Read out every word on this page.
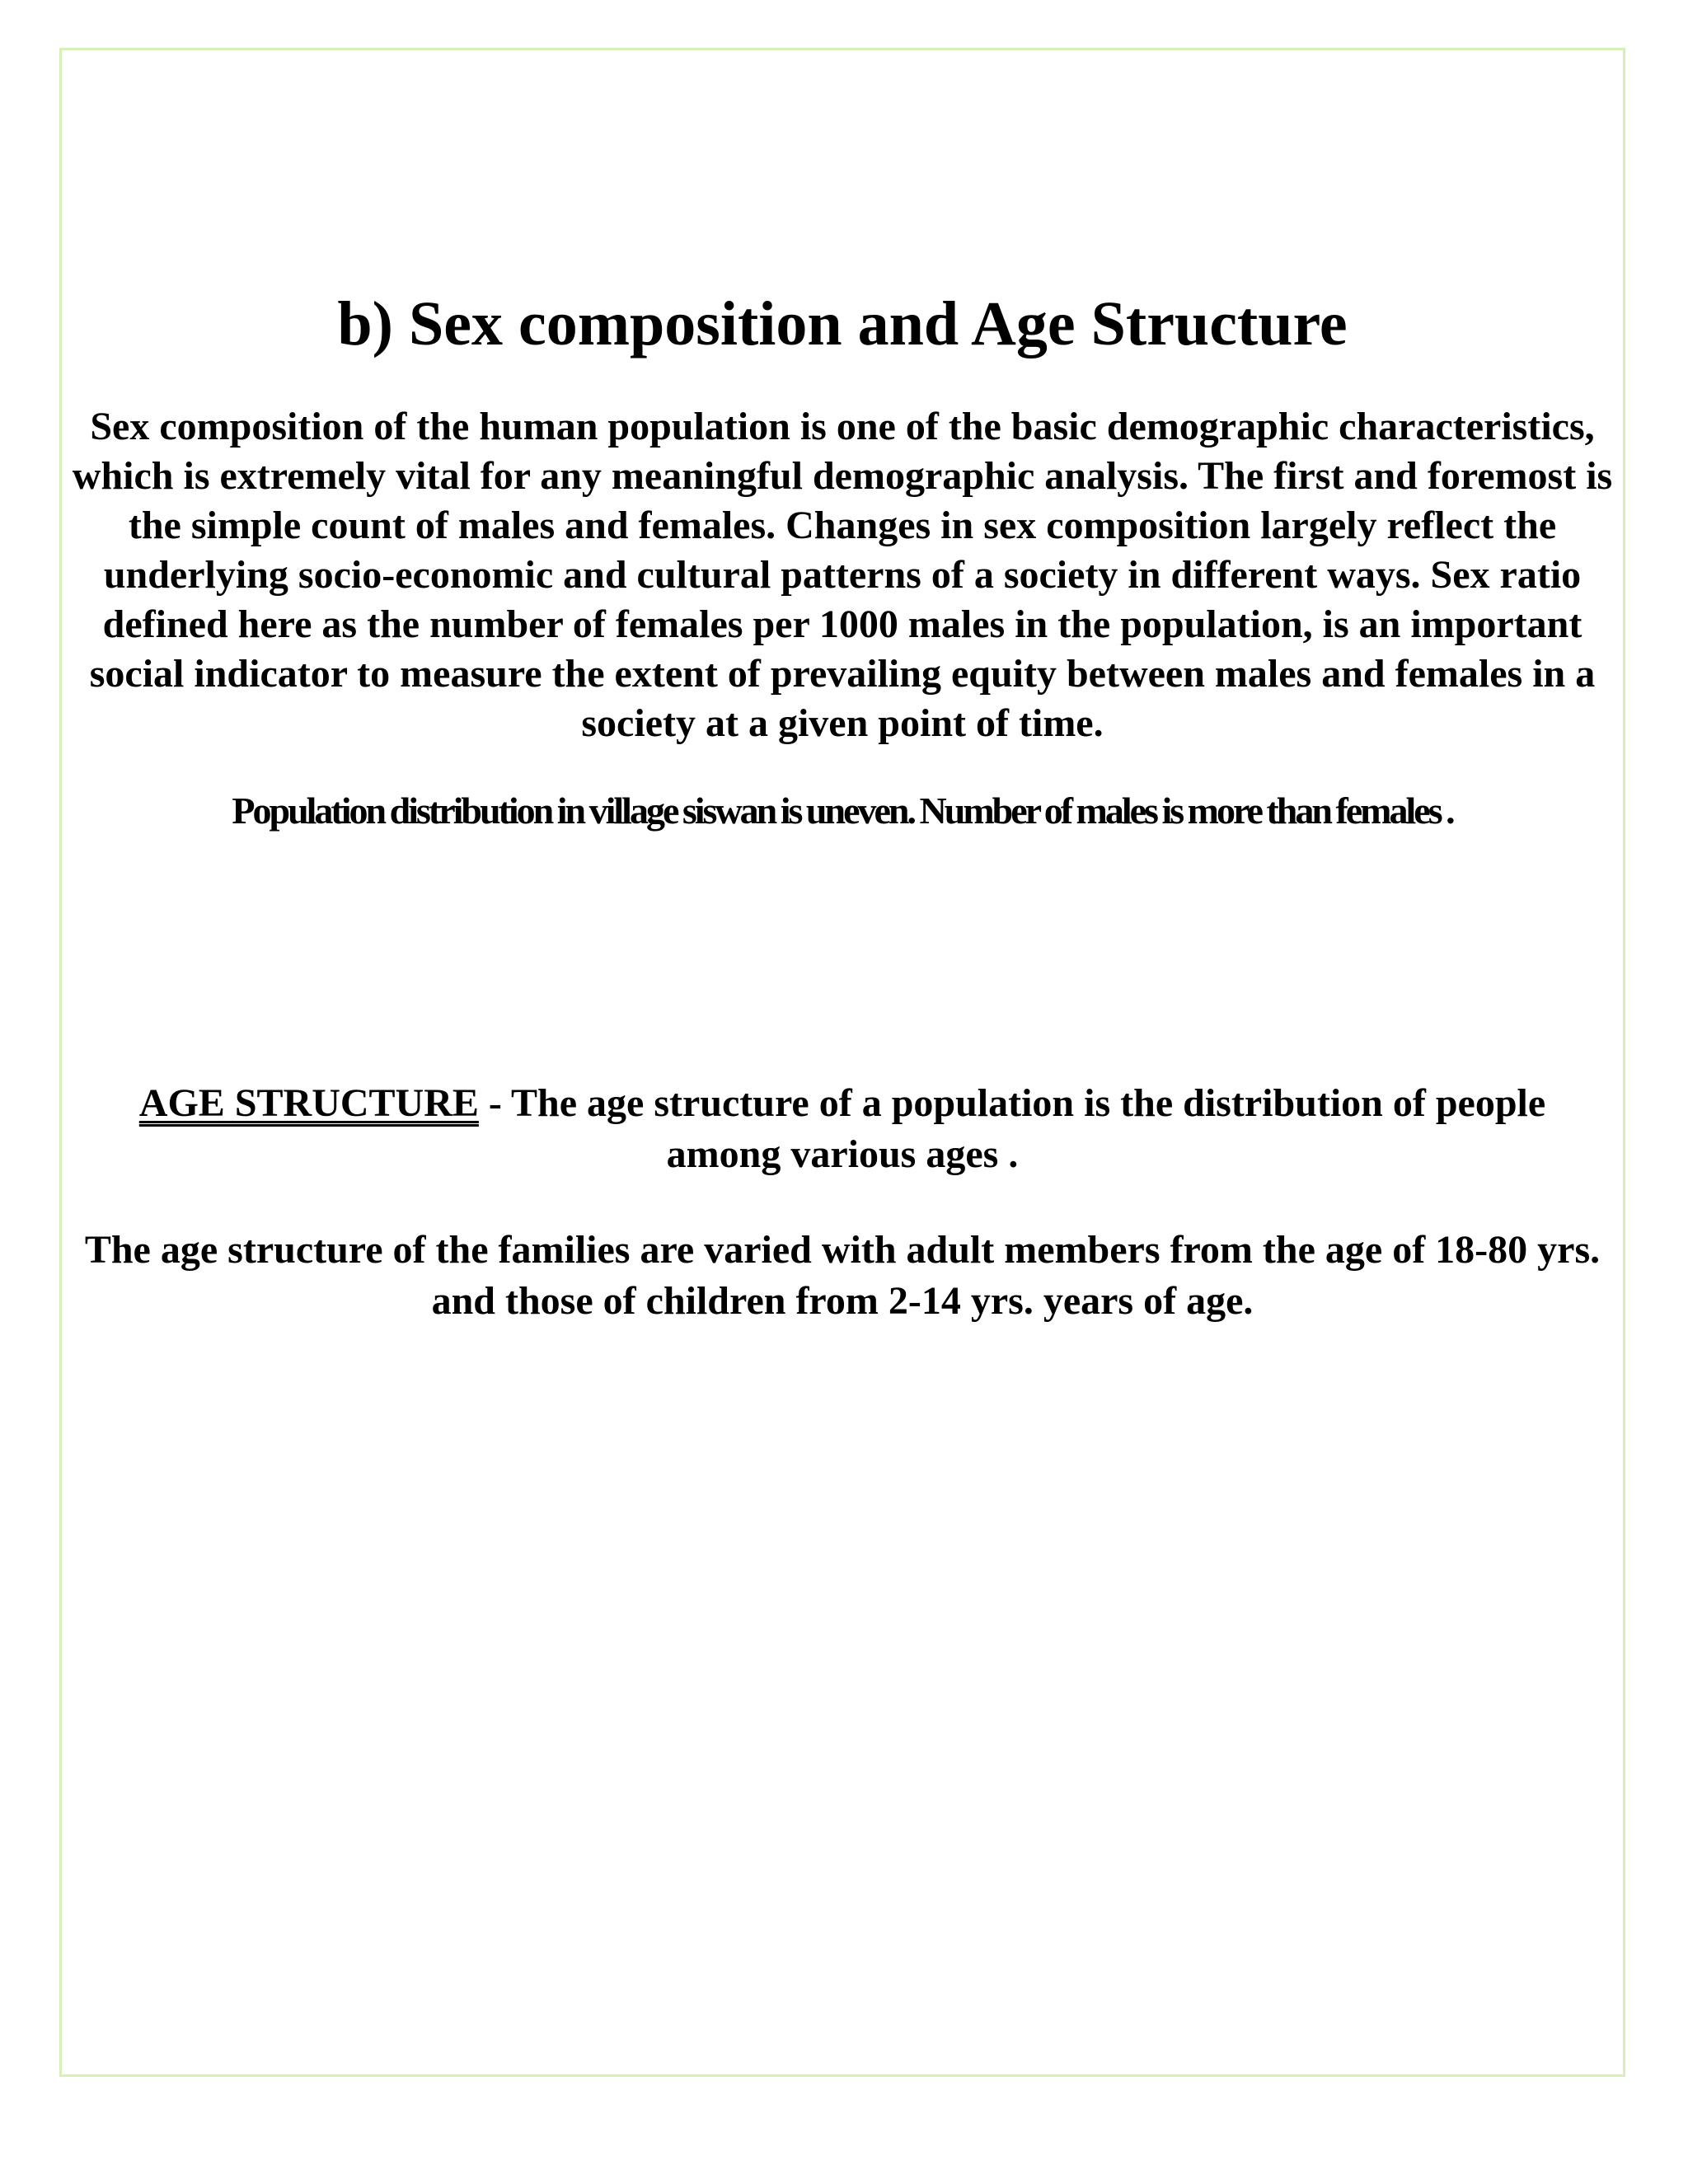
b) Sex composition and Age Structure

Sex composition of the human population is one of the basic demographic characteristics, which is extremely vital for any meaningful demographic analysis. The first and foremost is the simple count of males and females. Changes in sex composition largely reflect the underlying socio-economic and cultural patterns of a society in different ways. Sex ratio defined here as the number of females per 1000 males in the population, is an important social indicator to measure the extent of prevailing equity between males and females in a society at a given point of time.

Population distribution in village siswan is uneven. Number of males is more than females .

AGE STRUCTURE - The age structure of a population is the distribution of people among various ages .

The age structure of the families are varied with adult members from the age of 18-80 yrs. and those of children from 2-14 yrs. years of age.
